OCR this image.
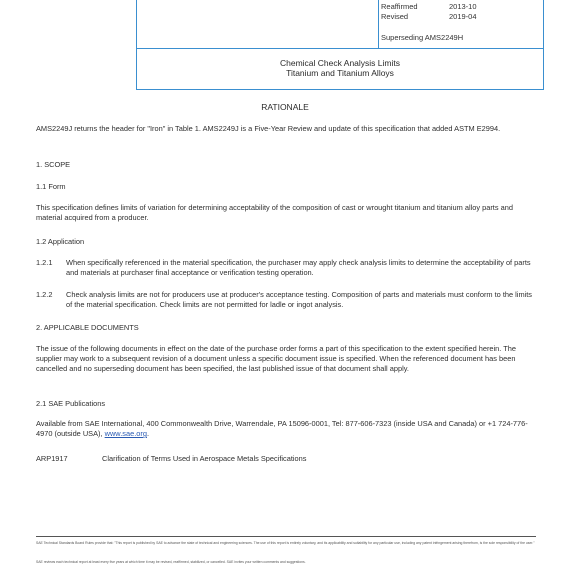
Reaffirmed	2013-10
Revised	2019-04
Superseding AMS2249H
Chemical Check Analysis Limits
Titanium and Titanium Alloys
RATIONALE
AMS2249J returns the header for "Iron" in Table 1. AMS2249J is a Five-Year Review and update of this specification that added ASTM E2994.
1. SCOPE
1.1 Form
This specification defines limits of variation for determining acceptability of the composition of cast or wrought titanium and titanium alloy parts and material acquired from a producer.
1.2 Application
1.2.1 When specifically referenced in the material specification, the purchaser may apply check analysis limits to determine the acceptability of parts and materials at purchaser final acceptance or verification testing operation.
1.2.2 Check analysis limits are not for producers use at producer's acceptance testing. Composition of parts and materials must conform to the limits of the material specification. Check limits are not permitted for ladle or ingot analysis.
2. APPLICABLE DOCUMENTS
The issue of the following documents in effect on the date of the purchase order forms a part of this specification to the extent specified herein. The supplier may work to a subsequent revision of a document unless a specific document issue is specified. When the referenced document has been cancelled and no superseding document has been specified, the last published issue of that document shall apply.
2.1 SAE Publications
Available from SAE International, 400 Commonwealth Drive, Warrendale, PA 15096-0001, Tel: 877-606-7323 (inside USA and Canada) or +1 724-776-4970 (outside USA), www.sae.org.
ARP1917	Clarification of Terms Used in Aerospace Metals Specifications
SAE Technical Standards Board Rules provide that: "This report is published by SAE to advance the state of technical and engineering sciences. The use of this report is entirely voluntary, and its applicability and suitability for any particular use, including any patent infringement arising therefrom, is the sole responsibility of the user."
SAE reviews each technical report at least every five years at which time it may be revised, reaffirmed, stabilized, or cancelled. SAE invites your written comments and suggestions.
